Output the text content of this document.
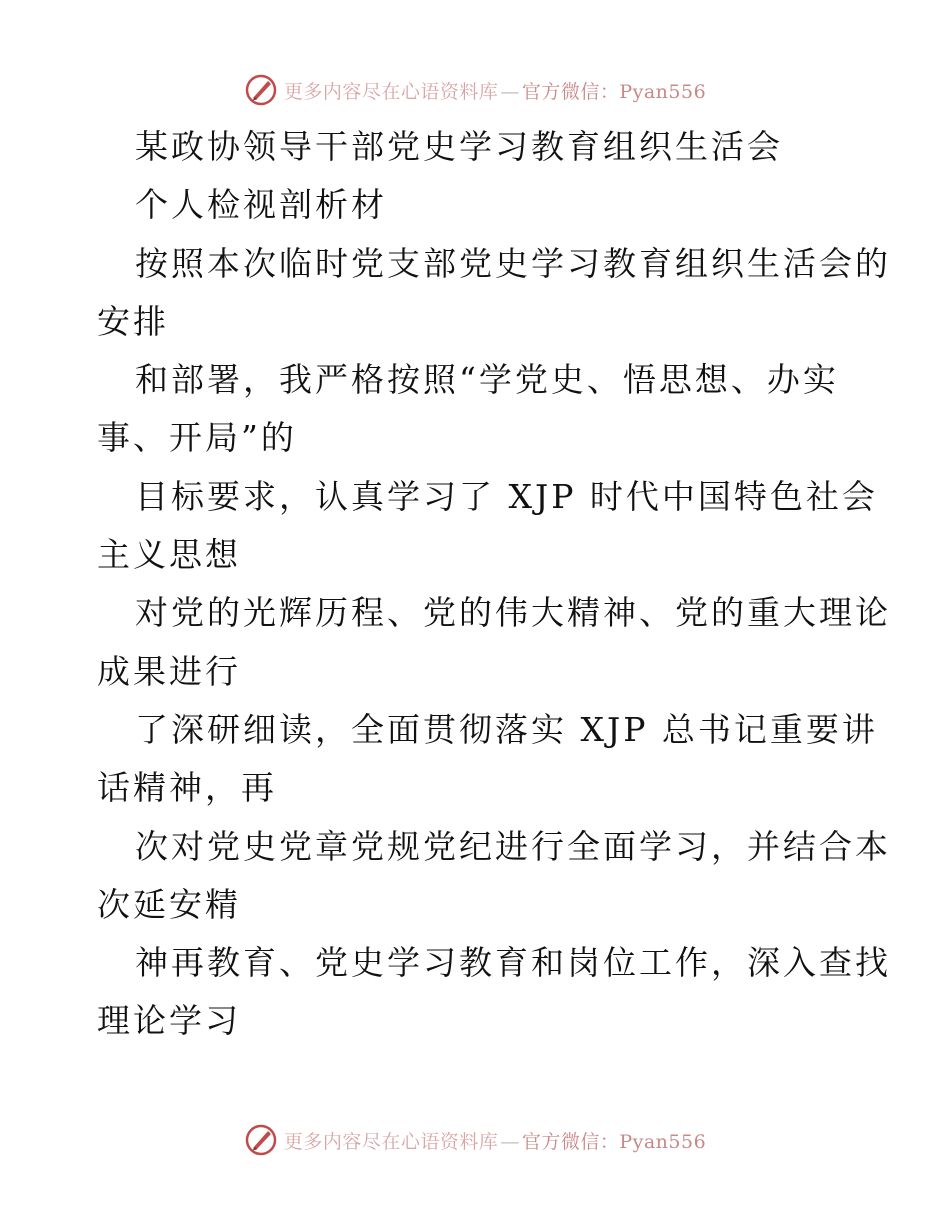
更多内容尽在心语资料库 — 官方微信：Pyan556
某政协领导干部党史学习教育组织生活会
个人检视剖析材
按照本次临时党支部党史学习教育组织生活会的
安排
和部署，我严格按照“学党史、悟思想、办实
事、开局”的
目标要求，认真学习了 XJP 时代中国特色社会
主义思想
对党的光辉历程、党的伟大精神、党的重大理论
成果进行
了深研细读，全面贯彻落实 XJP 总书记重要讲
话精神，再
次对党史党章党规党纪进行全面学习，并结合本
次延安精
神再教育、党史学习教育和岗位工作，深入查找
理论学习
更多内容尽在心语资料库 — 官方微信：Pyan556
